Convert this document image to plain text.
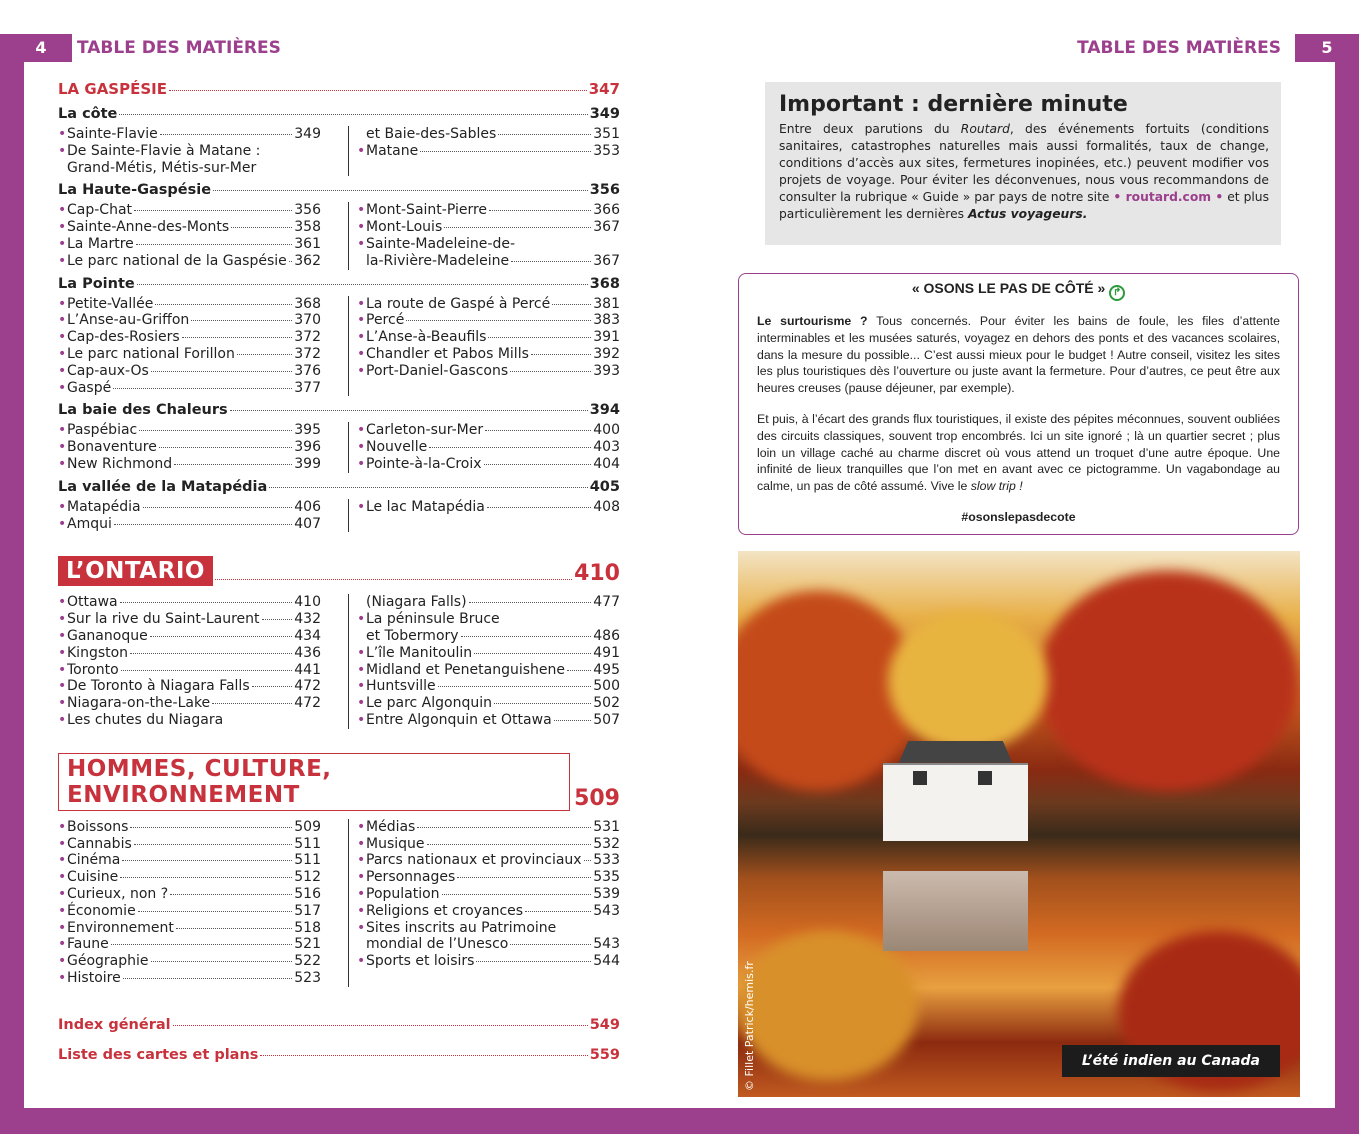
4	TABLE DES MATIÈRES	TABLE DES MATIÈRES	5
LA GASPÉSIE	347
La côte	349
• Sainte-Flavie	349
• De Sainte-Flavie à Matane :
Grand-Métis, Métis-sur-Mer
et Baie-des-Sables	351
• Matane	353
La Haute-Gaspésie	356
• Cap-Chat	356
• Sainte-Anne-des-Monts	358
• La Martre	361
• Le parc national de la Gaspésie 362
• Mont-Saint-Pierre	366
• Mont-Louis	367
• Sainte-Madeleine-de-
la-Rivière-Madeleine	367
La Pointe	368
• Petite-Vallée	368
• L’Anse-au-Griffon	370
• Cap-des-Rosiers	372
• Le parc national Forillon	372
• Cap-aux-Os	376
• Gaspé	377
• La route de Gaspé à Percé	381
• Percé	383
• L’Anse-à-Beaufils	391
• Chandler et Pabos Mills	392
• Port-Daniel-Gascons	393
La baie des Chaleurs	394
• Paspébiac	395
• Bonaventure	396
• New Richmond	399
• Carleton-sur-Mer	400
• Nouvelle	403
• Pointe-à-la-Croix	404
La vallée de la Matapédia	405
• Matapédia	406
• Amqui	407
• Le lac Matapédia	408
L’ONTARIO	410
• Ottawa	410
• Sur la rive du Saint-Laurent 432
• Gananoque	434
• Kingston	436
• Toronto	441
• De Toronto à Niagara Falls	472
• Niagara-on-the-Lake	472
• Les chutes du Niagara
(Niagara Falls)	477
• La péninsule Bruce
et Tobermory	486
• L’île Manitoulin	491
• Midland et Penetanguishene 495
• Huntsville	500
• Le parc Algonquin	502
• Entre Algonquin et Ottawa	507
HOMMES, CULTURE, ENVIRONNEMENT	509
• Boissons	509
• Cannabis	511
• Cinéma	511
• Cuisine	512
• Curieux, non ?	516
• Économie	517
• Environnement	518
• Faune	521
• Géographie	522
• Histoire	523
• Médias	531
• Musique	532
• Parcs nationaux et provinciaux 533
• Personnages	535
• Population	539
• Religions et croyances	543
• Sites inscrits au Patrimoine
mondial de l’Unesco	543
• Sports et loisirs	544
Index général	549
Liste des cartes et plans	559
Important : dernière minute

Entre deux parutions du Routard, des événements fortuits (conditions sanitaires, catastrophes naturelles mais aussi formalités, taux de change, conditions d’accès aux sites, fermetures inopinées, etc.) peuvent modifier vos projets de voyage. Pour éviter les déconvenues, nous vous recommandons de consulter la rubrique « Guide » par pays de notre site • routard.com • et plus particulièrement les dernières Actus voyageurs.

« OSONS LE PAS DE CÔTÉ » ↱

Le surtourisme ? Tous concernés. Pour éviter les bains de foule, les files d’attente interminables et les musées saturés, voyagez en dehors des ponts et des vacances scolaires, dans la mesure du possible... C’est aussi mieux pour le budget ! Autre conseil, visitez les sites les plus touristiques dès l’ouverture ou juste avant la fermeture. Pour d’autres, ce peut être aux heures creuses (pause déjeuner, par exemple).

Et puis, à l’écart des grands flux touristiques, il existe des pépites méconnues, souvent oubliées des circuits classiques, souvent trop encombrés. Ici un site ignoré ; là un quartier secret ; plus loin un village caché au charme discret où vous attend un troquet d’une autre époque. Une infinité de lieux tranquilles que l’on met en avant avec ce pictogramme. Un vagabondage au calme, un pas de côté assumé. Vive le slow trip !

#osonslepasdecote

© Fillet Patrick/hemis.fr	L’été indien au Canada
